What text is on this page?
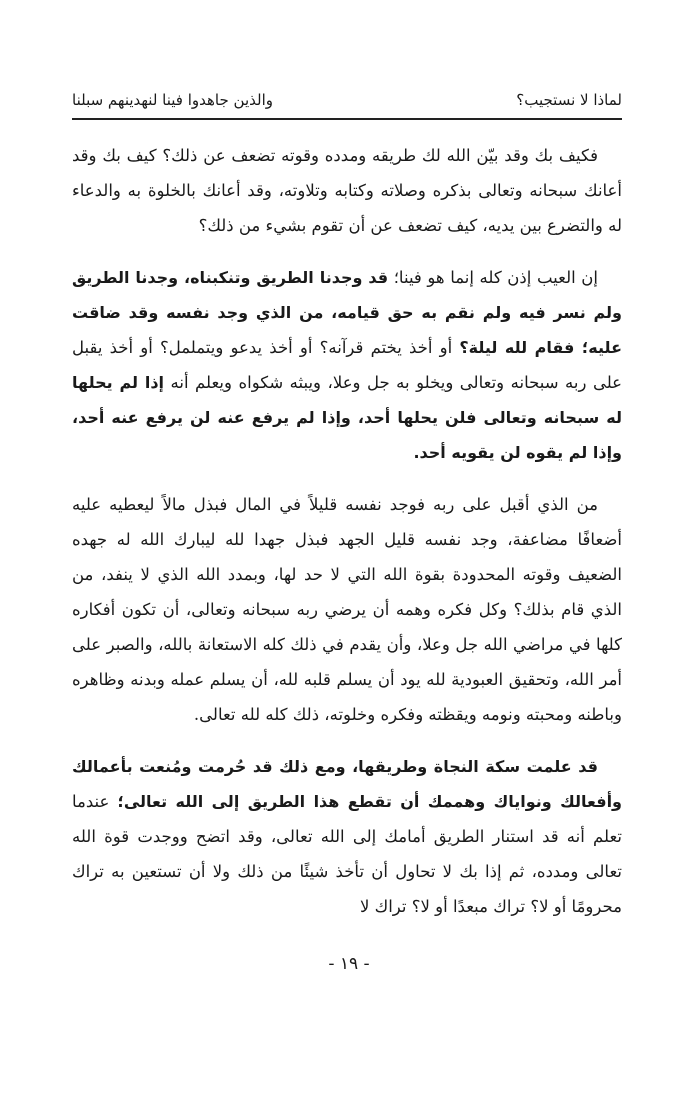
لماذا لا نستجيب؟
والذين جاهدوا فينا لنهدينهم سبلنا

فكيف بك وقد بيّن الله لك طريقه ومدده وقوته تضعف عن ذلك؟ كيف بك وقد أعانك سبحانه وتعالى بذكره وصلاته وكتابه وتلاوته، وقد أعانك بالخلوة به والدعاء له والتضرع بين يديه، كيف تضعف عن أن تقوم بشيء من ذلك؟

إن العيب إذن كله إنما هو فينا؛ قد وجدنا الطريق وتنكبناه، وجدنا الطريق ولم نسر فيه ولم نقم به حق قيامه، من الذي وجد نفسه وقد ضاقت عليه؛ فقام لله ليلة؟ أو أخذ يختم قرآنه؟ أو أخذ يدعو ويتململ؟ أو أخذ يقبل على ربه سبحانه وتعالى ويخلو به جل وعلا، ويبثه شكواه ويعلم أنه إذا لم يحلها له سبحانه وتعالى فلن يحلها أحد، وإذا لم يرفع عنه لن يرفع عنه أحد، وإذا لم يقوه لن يقويه أحد.

من الذي أقبل على ربه فوجد نفسه قليلاً في المال فبذل مالاً ليعطيه عليه أضعافًا مضاعفة، وجد نفسه قليل الجهد فبذل جهدا لله ليبارك الله له جهده الضعيف وقوته المحدودة بقوة الله التي لا حد لها، وبمدد الله الذي لا ينفد، من الذي قام بذلك؟ وكل فكره وهمه أن يرضي ربه سبحانه وتعالى، أن تكون أفكاره كلها في مراضي الله جل وعلا، وأن يقدم في ذلك كله الاستعانة بالله، والصبر على أمر الله، وتحقيق العبودية لله يود أن يسلم قلبه لله، أن يسلم عمله وبدنه وظاهره وباطنه ومحبته ونومه ويقظته وفكره وخلوته، ذلك كله لله تعالى.

قد علمت سكة النجاة وطريقها، ومع ذلك قد حُرمت ومُنعت بأعمالك وأفعالك ونواياك وهممك أن تقطع هذا الطريق إلى الله تعالى؛ عندما تعلم أنه قد استنار الطريق أمامك إلى الله تعالى، وقد اتضح ووجدت قوة الله تعالى ومدده، ثم إذا بك لا تحاول أن تأخذ شيئًا من ذلك ولا أن تستعين به تراك محرومًا أو لا؟ تراك مبعدًا أو لا؟ تراك لا

- ١٩ -
